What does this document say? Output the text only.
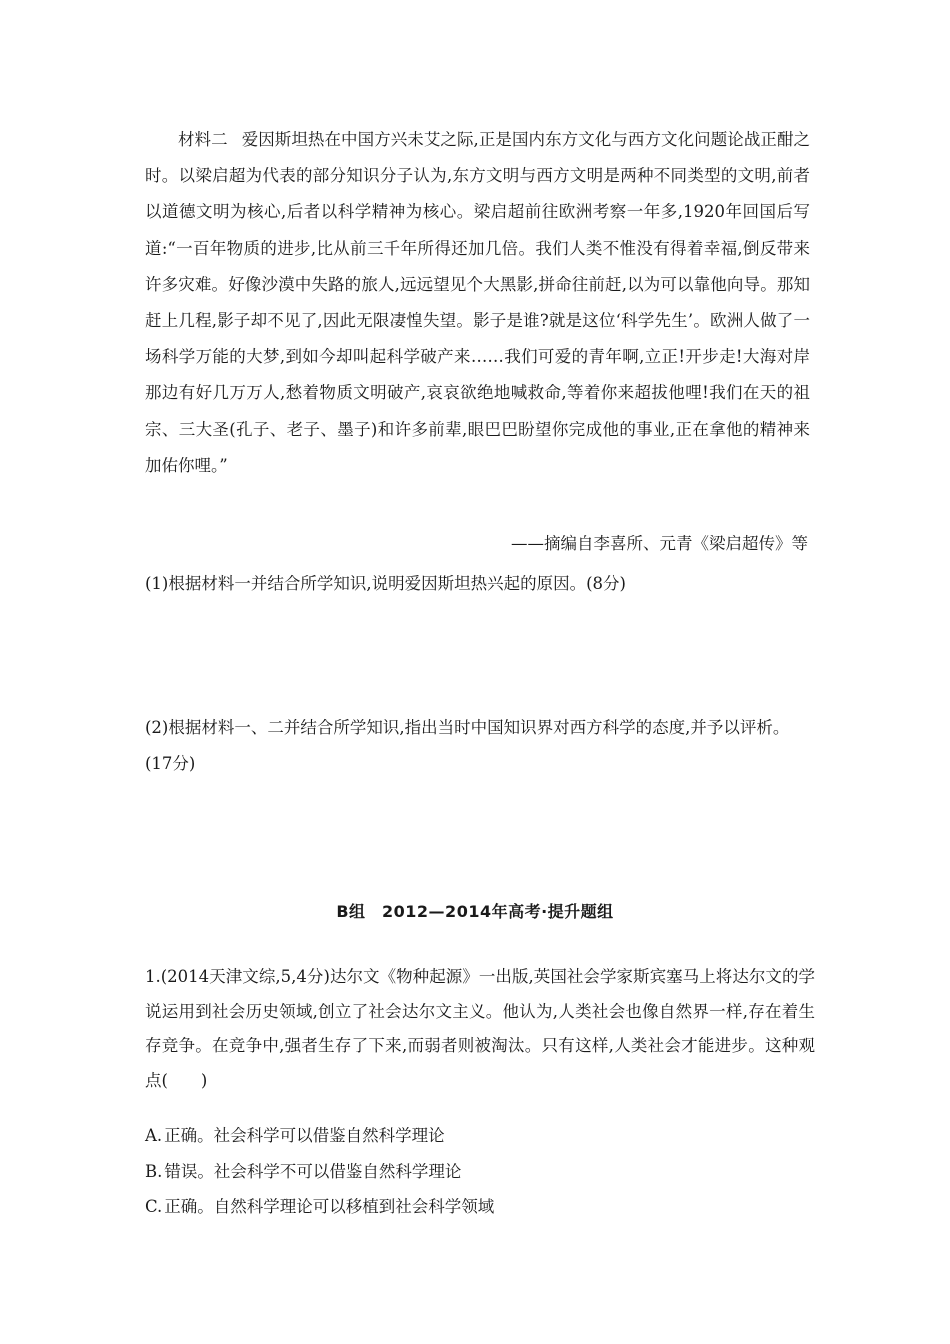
材料二 爱因斯坦热在中国方兴未艾之际,正是国内东方文化与西方文化问题论战正酣之时。以梁启超为代表的部分知识分子认为,东方文明与西方文明是两种不同类型的文明,前者以道德文明为核心,后者以科学精神为核心。梁启超前往欧洲考察一年多,1920年回国后写道:“一百年物质的进步,比从前三千年所得还加几倍。我们人类不惟没有得着幸福,倒反带来许多灾难。好像沙漠中失路的旅人,远远望见个大黑影,拼命往前赶,以为可以靠他向导。那知赶上几程,影子却不见了,因此无限凄惶失望。影子是谁?就是这位‘科学先生’。欧洲人做了一场科学万能的大梦,到如今却叫起科学破产来……我们可爱的青年啊,立正!开步走!大海对岸那边有好几万万人,愁着物质文明破产,哀哀欲绝地喊救命,等着你来超拔他哩!我们在天的祖宗、三大圣(孔子、老子、墨子)和许多前辈,眼巴巴盼望你完成他的事业,正在拿他的精神来加佑你哩。”

——摘编自李喜所、元青《梁启超传》等

(1)根据材料一并结合所学知识,说明爱因斯坦热兴起的原因。(8分)

(2)根据材料一、二并结合所学知识,指出当时中国知识界对西方科学的态度,并予以评析。(17分)

B组　2012—2014年高考·提升题组

1.(2014天津文综,5,4分)达尔文《物种起源》一出版,英国社会学家斯宾塞马上将达尔文的学说运用到社会历史领域,创立了社会达尔文主义。他认为,人类社会也像自然界一样,存在着生存竞争。在竞争中,强者生存了下来,而弱者则被淘汰。只有这样,人类社会才能进步。这种观点(　　)

A. 正确。社会科学可以借鉴自然科学理论
B. 错误。社会科学不可以借鉴自然科学理论
C. 正确。自然科学理论可以移植到社会科学领域
